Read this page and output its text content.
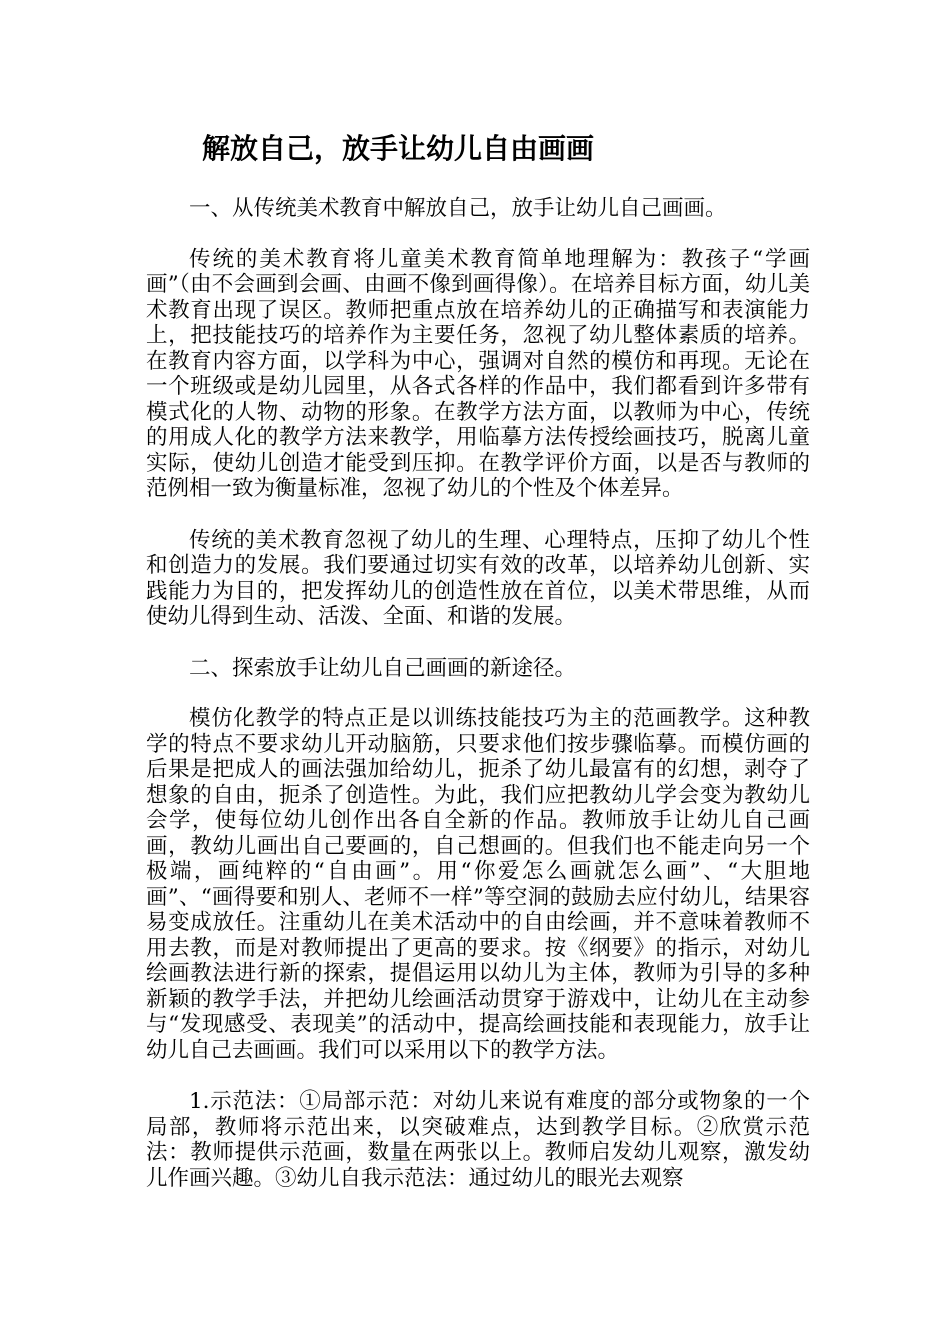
解放自己，放手让幼儿自由画画

一、从传统美术教育中解放自己，放手让幼儿自己画画。

传统的美术教育将儿童美术教育简单地理解为：教孩子“学画画”（由不会画到会画、由画不像到画得像）。在培养目标方面，幼儿美术教育出现了误区。教师把重点放在培养幼儿的正确描写和表演能力上，把技能技巧的培养作为主要任务，忽视了幼儿整体素质的培养。在教育内容方面，以学科为中心，强调对自然的模仿和再现。无论在一个班级或是幼儿园里，从各式各样的作品中，我们都看到许多带有模式化的人物、动物的形象。在教学方法方面，以教师为中心，传统的用成人化的教学方法来教学，用临摹方法传授绘画技巧，脱离儿童实际，使幼儿创造才能受到压抑。在教学评价方面，以是否与教师的范例相一致为衡量标准，忽视了幼儿的个性及个体差异。

传统的美术教育忽视了幼儿的生理、心理特点，压抑了幼儿个性和创造力的发展。我们要通过切实有效的改革，以培养幼儿创新、实践能力为目的，把发挥幼儿的创造性放在首位，以美术带思维，从而使幼儿得到生动、活泼、全面、和谐的发展。

二、探索放手让幼儿自己画画的新途径。

模仿化教学的特点正是以训练技能技巧为主的范画教学。这种教学的特点不要求幼儿开动脑筋，只要求他们按步骤临摹。而模仿画的后果是把成人的画法强加给幼儿，扼杀了幼儿最富有的幻想，剥夺了想象的自由，扼杀了创造性。为此，我们应把教幼儿学会变为教幼儿会学，使每位幼儿创作出各自全新的作品。教师放手让幼儿自己画画，教幼儿画出自己要画的，自己想画的。但我们也不能走向另一个极端，画纯粹的“自由画”。用“你爱怎么画就怎么画”、“大胆地画”、“画得要和别人、老师不一样”等空洞的鼓励去应付幼儿，结果容易变成放任。注重幼儿在美术活动中的自由绘画，并不意味着教师不用去教，而是对教师提出了更高的要求。按《纲要》的指示，对幼儿绘画教法进行新的探索，提倡运用以幼儿为主体，教师为引导的多种新颖的教学手法，并把幼儿绘画活动贯穿于游戏中，让幼儿在主动参与“发现感受、表现美”的活动中，提高绘画技能和表现能力，放手让幼儿自己去画画。我们可以采用以下的教学方法。

1.示范法：①局部示范：对幼儿来说有难度的部分或物象的一个局部，教师将示范出来，以突破难点，达到教学目标。②欣赏示范法：教师提供示范画，数量在两张以上。教师启发幼儿观察，激发幼儿作画兴趣。③幼儿自我示范法：通过幼儿的眼光去观察
